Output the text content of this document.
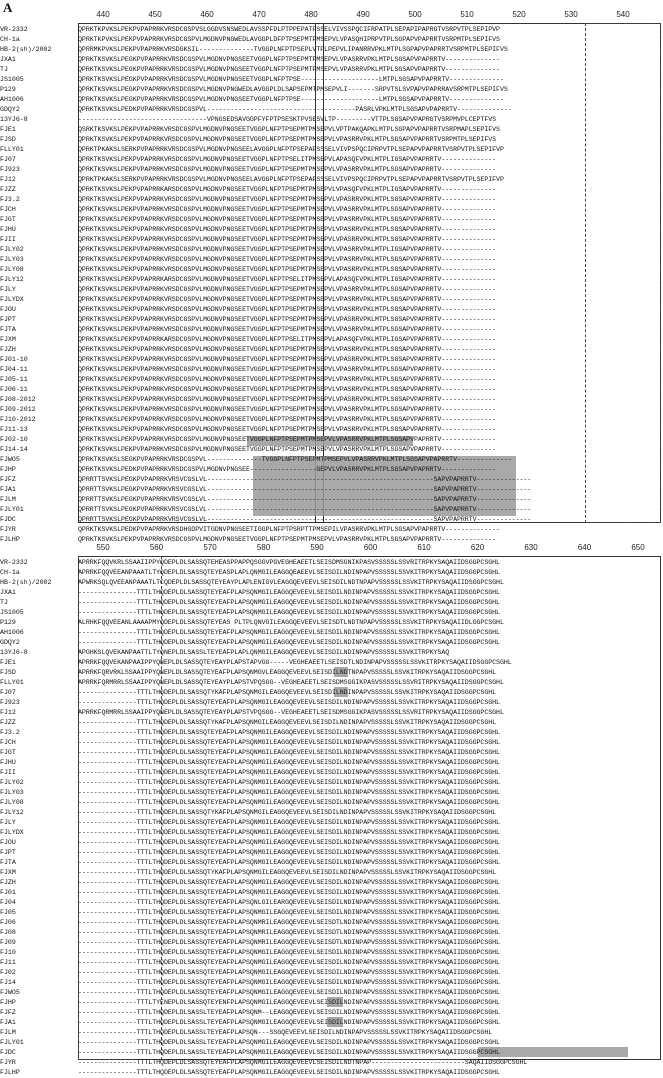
A	440	450	460	470	480	490	500	510	520	530	540
VR-2332	QPRKTKPVKSLPEKPVPAPRRKVRSDCGSPVSLGGDVSNSWEDLAVSSPFDLPTPPEPATPSSELVIVSSPQCIFRPATPLSEPAPIPAPRGTVSRPVTPLSEPIPVP
CH-1a	QPRKTKPVKSLPEKPVPAPRRKVRSDCGSPVLMGDNVPNGWEDLAVGGPLDFPTPSEPMTPMSEPVLVPASQHIPRPVTPLSGPAPVPAPRRTVSRPMTPLSEPIFVS
HB-2(sh)/2002	QPRRMKPVKSLPEKPVPAPRRKVRSDGKSIL--------------TVGGPLNFPTPSEPLVTPLPEPVLIPANRRVPKLMTPLSGPAPVPAPRRTVSRPMTPLSEPIFVS
JXA1	QPRKTKSVKSLPEGKPVPAPRRKVRSDCGSPVLMGDNVPNGSEETVGGPLNFPTPSEPMTPMSEPVLVPASRRVPKLMTPLSGSAPVPAPRRTV--------------
TJ	QPRKTKSVKSLPEGKPVPAPRRKVRSDCGSPVLMGDNVPNGSEETVGGPLNFPTPSEPMTPMSEPVLVPASRRVPKLMTPLSGSAPVPAPRRTV--------------
JS1005	QPRKTKSVKSLPEGKPVPAPRRKVRSDCGSPVLMGDNVPNGSEETVGGPLNFPTPSE--------------------LMTPLSGSAPVPAPRRTV--------------
P129	QPRKTKSVKSLPEGKPVPAPRRKVRSDCGSPVLMGDNVPNGWEDLAVGGPLDLSAPSEPMTPMSEPVLI-------SRPVTSLSVPAPVPAPRRAVSRPMTPLSEPIFVS
AH1006	QPRKTKSVKSLPEGKPVPAPRRKVRSDCGSPVLMGDNVPNGSEETVGGPLNFPTPSE--------------------LMTPLSGSAPVPAPRRTV--------------
GDQY2	QPRKTKSVKSLPEDKPVPAPRRKVRSDCGSPVL--------------------------------------PASRLVPKLMTPLSGSAPVPAPRRTV--------------
13YJ6-8	---------------------------------VPNGSEDSAVGGPFYFPTPSESKTPVSESVLTP---------VTTPLSGSAPVPAPRGTVSRPMVPLCEPTFVS
FJE1	QSRKTKSVKSLPEKPVPAPRRKVRSDCGSPVLMGDNVPNGSEETVGGPLNFPTPSEPMTPMSEPVLVPTPAKQAPKLMTPLSGPAPVPAPRRTVSRPMAPLSEPIFVS
FJSD	QPRKTKSVKSLPEKPVPAPRRKVRSDCGSPVLMGDNVPNGSEETVGGPLNFPTPSEPMTPMSEPVLVPASRRVPKLMTPLSGSAPVPAPRRTVSRPMTPLSEPIFVS
FLLY01	QPRKTPKAKSLSERKPVPAPRRKVRSDCGSPVLMGDNVPNGSEELAVGGPLNFPTPSEPAPSSSELVIVPSPQCIPRPVTPLSEPAPVPAPRRTVSRPVTPLSEPIFVP
FJ07	QPRKTKSVKSLPEKPVPAPRRKVRSDCGSPVLMGDNVPNGSEETVGGPLNFPTPSELITPMSEPVLAPASQFVPKLMTPLIGSAPVPAPRRTV--------------
FJ923	QPRKTKSVKSLPEKPVPAPRRKVRSDCGSPVLMGDNVPNGSEETVGGPLNFPTPSEPMTPMSEPVLVPASRRVPKLMTPLSGSAPVPAPRRTV--------------
FJ12	QPRKTPKAKSLSERKPVPAPRRKVRSDCGSPVLMGDNVPNGSEELAVGGPLNFPTPSEPAPSSSELVIVPSPQCIPRPVTPLSEPAPVPAPRRTVSRPVTPLSEPIFVP
FJZZ	QPRKTKSVKSLPEKPVPAPRRKARSDCGSPVLMGDNVPNGSEETVGGPLNFPTPSEPMTPMSEPVLVPASQFVPKLMTPLIGSAPVPAPRRTV--------------
FJ3.2	QPRKTKSVKSLPEKPVPAPRRKVRSDCGSPVLMGDNVPNGSEETVGGPLNFPTPSEPMTPMSEPVLVPASRRVPKLMTPLSGSAPVPAPRRTV--------------
FJCH	QPRKTKSVKSLPEKPVPAPRRKVRSDCGSPVLMGDNVPNGSEETVGGPLNFPTPSEPMTPMSEPVLVPASRRVPKLMTPLSGSAPVPAPRRTV--------------
FJGT	QPRKTKSVKSLPEKPVPAPRRKVRSDCGSPVLMGDNVPNGSEETVGGPLNFPTPSEPMTPMSEPVLVPASRRVPKLMTPLSGSAPVPAPRRTV--------------
FJHU	QPRKTKSVKSLPEKPVPAPRRKVRSDCGSPVLMGDNVPNGSEETVGGPLNFPTPSEPMTPMSEPVLVPASRRVPKLMTPLSGSAPVPAPRRTV--------------
FJII	QPRKTKSVKSLPEKPVPAPRRKVRSDCGSPVLMGDNVPNGSEETVGGPLNFPTPSEPMTPMSEPVLVPASRRVPKLMTPLSGSAPVPAPRRTV--------------
FJLY02	QPRKTKSVKSLPEKPVPAPRRKVRSDCGSPVLMGDNVPNGSEETVGGPLNFPTPSEPMTPMSEPVLVPASRRVPKLMTPLIGSAPVPAPRRTV--------------
FJLY03	QPRKTKSVKSLPEKPVPAPRRKVRSDCGSPVLMGDNVPNGSEETVGGPLNFPTPSEPMTPMSEPVLVPASRRVPKLMTPLSGSAPVPAPRRTV--------------
FJLY08	QPRKTKSVKSLPEKPVPAPRRKVRSDCGSPVLMGDNVPNGSEETVGGPLNFPTPSEPMTPMSEPVLVPASRRVPKLMTPLSGSAPVPAPRRTV--------------
FJLY12	QPRKTKSVKSLPEKPVPAPRRKARSDCGSPVLMGDNVPNGSEETVGGPLNFPTPSELITPMSEPVLAPASQFVPKLMTPLIGSAPVPAPRRTV--------------
FJLY	QPRKTKSVKSLPEKPVPAPRRKVRSDCGSPVLMGDNVPNGSEETVGGPLNFPTPSEPMTPMSEPVLVPASRRVPKLMTPLSGSAPVPAPRRTV--------------
FJLYDX	QPRKTKSVKSLPEKPVPAPRRKVRSDCGSPVLMGDNVPNGSEETVGGPLNFPTPSEPMTPMSEPVLVPASRRVPKLMTPLSGSAPVPAPRRTV--------------
FJOU	QPRKTKSVKSLPEKPVPAPRRKVRSDCGSPVLMGDNVPNGSEETVGGPLNFPTPSEPMTPMSEPVLVPASRRVPKLMTPLSGSAPVPAPRRTV--------------
FJPT	QPRKTKSVKSLPEKPVPAPRRKVRSDCGSPVLMGDNVPNGSEETVGGPLNFPTPSEPMTPMSEPVLVPASRRVPKLMTPLSGSAPVPAPRRTV--------------
FJTA	QPRKTKSVKSLPEKPVPAPRRKVRSDCGSPVLMGDNVPNGSEETVGGPLNFPTPSEPMTPMSEPVLVPASRRVPKLMTPLSGSAPVPAPRRTV--------------
FJXM	QPRKTKSVKSLPEKPVPAPRRKARSDCGSPVLMGDNVPNGSEETVGGPLNFPTPSELITPMSEPVLAPASQFVPKLMTPLIGSAPVPAPRRTV--------------
FJZH	QPRKTKSVKSLPEKPVPAPRRKVRSDCGSPVLMGDNVPNGSEETVGGPLNFPTPSEPMTPMSEPVLVPASRRVPKLMTPLSGSAPVPAPRRTV--------------
FJ01-10	QPRKTKSVKSLPEKPVPAPRRKVRSDCGSPVLMGDNVPNGSEETVGGPLNFPTPSEPMTPMSEPVLVPASRRVPKLMTPLSGSAPVPAPRRTV--------------
FJ04-11	QPRKTKSVKSLPEKPVPAPRRKVRSDCGSPVLMGDNVPNGSEETVGGPLNFPTPSEPMTPMSEPVLVPASRRVPKLMTPLSGSAPVPAPRRTV--------------
FJ05-11	QPRKTKSVKSLPEKPVPAPRRKVRSDCGSPVLMGDNVPNGSEETVGGPLNFPTPSEPMTPMSEPVLVPASRRVPKLMTPLSGSAPVPAPRRTV--------------
FJ06-11	QPRKTKSVKSLPEKPVPAPRRKVRSDCGSPVLMGDNVPNGSEETVGGPLNFPTPSEPMTPMSEPVLVPASRRVPKLMTPLSGSAPVPAPRRTV--------------
FJ08-2012	QPRKTKSVKSLPEKPVPAPRRKVRSDCGSPVLMGDNVPNGSEETVGGPLNFPTPSEPMTPMSEPVLVPASRRVPKLMTPLSGSAPVPAPRRTV--------------
FJ09-2012	QPRKTKSVKSLPEKPVPAPRRKVRSDCGSPVLMGDNVPNGSEETVGGPLNFPTPSEPMTPMSEPVLVPASRRVPKLMTPLSGSAPVPAPRRTV--------------
FJ10-2012	QPRKTKSVKSLPEKPVPAPRRKVRSDCGSPVLMGDNVPNGSEETVGGPLNFPTPSEPMTPMSEPVLVPASRRVPKLMTPLSGSAPVPAPRRTV--------------
FJ11-13	QPRKTKSVKSLPEKPVPAPRRKVRSDCGSPVLMGDNVPNGSEETVGGPLNFPTPSEPMTPMSEPVLVPASRRVPKLMTPLSGSAPVPAPRRTV--------------
FJ02-10	QPRKTKSVKSLPEKPVPAPRRKVRSDCGSPVLMGDNVPNGSEETVGGPLNFPTPSEPMTPMSEPVLVPASRRVPKLMTPLSGSAPVPAPRRTV--------------
FJ14-14	QPRKTKSVKSLPEKPVPAPRRKVRSDCGSPVLMGDNVPNGSEETVGGPLNFPTPSEPMTPMSEPVLVPASRRVPKLMTPLSGSAPVPAPRRTV--------------
FJWO5	QPRKTKSVKSLSEGKPVPAPRRKVRSDCGSPVL--------------TVGGPLNFPTPSEPMTPMSEPVLVPASRRVPKLMTPLSGSAPVPAPRRTV--------------
FJHP	QPRKTKSVKSLPEDKPVPAPRRKVRSDCGSPVLMGDNVPNGSEE-----------------GEPVLVPASRRVPKLMTPLSGSAPVPAPRRTV--------------
FJFZ	QPRRTTSVKSLPEGKPVPAPRRKVRSVCGSLVL----------------------------------------------------------SAPVPAPRRTV--------------
FJA1	QPRRTTSVKSLPEGKPVPAPRRKVRSVCGSLVL----------------------------------------------------------SAPVPAPRRTV--------------
FJLM	QPRRTTSVKSLPEGKPVPAPRRKVRSVCGSLVL----------------------------------------------------------SAPVPAPRRTV--------------
FJLY01	QPRRTTSVKSLPEGKPVPAPRRKVRSVCGSLVL----------------------------------------------------------SAPVPAPRRTV--------------
FJDC	QPRRTTSVKSLPEGKPVPAPRRKVRSVCGSLVL----------------------------------------------------------SAPVPAPRRTV--------------
FJYR	QPRKTKSVKSLPEDKPVPAPRRKVRSDHGDPVITGDNVPNGSEETIGGPLNFPTPSRPTTPMSEPILVPASRRVPKLMTPLSGSAPVPAPRRTV--------------
FJLHP	QPRKTKSVKSLPEKPVPAPRRKVRSDCGSPVLMGDNVPNGSEETVGGPLNFPTPSEPMTPMSEPVLVPASRRVPKLMTPLSGSAPVPAPRRTV--------------
550	560	570	580	590	600	610	620	630	640	650
VR-2332	APRRKFQQVKRLSSAAIIPPYQDEPLDLSASSQTEHEASPPAPPQSGGVPGVEGHEAEETLSEISDMSGNIKPASVSSSSSLSSVRITRPKYSAQAIIDSGGPCSGHL
CH-1a	APRRKFQQVEEANPAAATLTYQDEPLDLSASSQTEYEASPLAPLQNMGILEAGGQEAEEVLSEISDILNDINPAPVSSSSSLSSVKITRPKYSAQAIIDSGGPCSGHL
HB-2(sh)/2002	APWRKSQLQVEEANPAAATLTCQDEPLDLSASSQTEYEAYPLAPLENIGVLEAGGQEVEEVLSEISDILNDTNPAPVSSSSSLSSVKITRPKYSAQAIIDSGGPCSGHL
JXA1	---------------TTTLTHQDEPLDLSASSQTEYEAFPLAPSQNMGILEAGGQEVEEVLSEISDILNDINPAPVSSSSSLSSVKITRPKYSAQAIIDSGGPCSGHL
TJ	---------------TTTLTHQDEPLDLSASSQTEYEAFPLAPSQNMGILEAGGQEVEEVLSEISDILNDINPAPVSSSSSLSSVKITRPKYSAQAIIDSGGPCSGHL
JS1005	---------------TTTLTHQDEPLDLSASSQTEYEAFPLAPSQNMGILEAGGQEVEEVLSEISDILNDINPAPVSSSSSLSSVKITRPKYSAQAIIDSGGPCSGHL
P129	ALRHKFQQVEEANLAAAAPMYQDEPLDLSASSQTEYEAS PLTPLQNVGILEAGGQEVEEVLSEISDTLNDTNPAPVSSSSSLSSVKITRPKYSAQAIIDLGGPCSGHL
AH1006	---------------TTTLTHQDEPLDLSASSQTEYEAFPLAPSQNMGILEAGGQEVEEVLSEISDILNDINPAPVSSSSSLSSVKITRPKYSAQAIIDSGGPCSGHL
GDQY2	---------------TTTLTHQDEPLDLSASSQTEYEAFPLAPSQNMGILEAGGQEVEEVLSEISDILNDINPAPVSSSSSLSSVKITRPKYSAQAIIDSGGPCSGHL
13YJ6-8	APGHKSLQVEKANPAATTLTYQNEPLDLSASSLTEYEAFPLAPLQNMGILEAGGQEVEEVLSEISDILNDINPAPVSSSSSLSSVKITRPKYSAQ
FJE1	APRRKFQQVEKANPAAIPPYQNEPLDLSASSQTEYEAYPLAPSTAPVGG-----VEGHEAEETLSEISDTLNDINPAPVSSSSSLSSVKITRPKYSAQAIIDSGGPCSGHL
FJSD	APRRKFQRVRKLSSAAIPPYQNEPLDLSASSQTEYEAFPLAPSQNMGVLEAGGQEVEEVLSEISDILNDTNPAPVSSSSSLSSVKITRPKYSAQAIIDSGGPCSGHL
FLLY01	APRRKFQRMRRLSSAAIPPYQNEPLDLSASSQTEYEAYPLAPSTVPQSGG--VEGHEAEETLSEISDMSGGIKPASVSSSSSLSSVRITRPKYSAQAIIDSGGPCSGHL
FJ07	---------------TTTLTHQDEPLDLSASSQTYKAFPLAPSQNMGILEAGGQEVEEVLSEISDILNDINPAPVSSSSSLSSVKITRPKYSAQAIIDSGGPCSGHL
FJ923	---------------TTTLTHQDEPLDLSASSQTEYEAFPLAPSQNMGILEAGGQEVEEVLSEISDILNDINPAPVSSSSSLSSVKITRPKYSAQAIIDSGGPCSGHL
FJ12	APRRKFQRMRRLSSAAIPPYQNEPLDLSASSQTEYEAYPLAPSTVPQSGG--VEGHEAEETLSEISDMSGGIKPASVSSSSSLSSVRITRPKYSAQAIIDSGGPCSGHL
FJZZ	---------------TTTLTHQDEPLDLSASSQTYKAFPLAPSQNMGILEAGGQEVEEVLSEISDILNDINPAPVSSSSSLSSVKITRPKYSAQAIIDSGGPCSGHL
FJ3.2	---------------TTTLTHQDEPLDLSASSQTEYEAFPLAPSQNMGILEAGGQEVEEVLSEISDILNDINPAPVSSSSSLSSVKITRPKYSAQAIIDSGGPCSGHL
FJCH	---------------TTTLTHQDEPLDLSASSQTEYEAFPLAPSQNMGILEAGGQEVEEVLSEISDILNDINPAPVSSSSSLSSVKITRPKYSAQAIIDSGGPCSGHL
FJGT	---------------TTTLTHQDEPLDLSASSQTEYEAFPLAPSQNMGILEAGGQEVEEVLSEISDILNDINPAPVSSSSSLSSVKITRPKYSAQAIIDSGGPCSGHL
FJHU	---------------TTTLTHQDEPLDLSASSQTEYEAFPLAPSQNMGILEAGGQEVEEVLSEISDILNDINPAPVSSSSSLSSVKITRPKYSAQAIIDSGGPCSGHL
FJII	---------------TTTLTHQDEPLDLSASSQTEYEAFPLAPSQNMGILEAGGQEVEEVLSEISDILNDINPAPVSSSSSLSSVKITRPKYSAQAIIDSGGPCSGHL
FJLY02	---------------TTTLTHQDEPLDLSASSQTEYEAFPLAPSQNMGILEAGGQEVEEVLSEISDILNDINPAPVSSSSSLSSVKITRPKYSAQAIIDSGGPCSGHL
FJLY03	---------------TTTLTHQDEPLDLSASSQTEYEAFPLAPSQNMGILEAGGQEVEEVLSEISDILNDINPAPVSSSSSLSSVKITRPKYSAQAIIDSGGPCSGHL
FJLY08	---------------TTTLTHQDEPLDLSASSQTEYEAFPLAPSQNMGILEAGGQEVEEVLSEISDILNDINPAPVSSSSSLSSVKITRPKYSAQAIIDSGGPCSGHL
FJLY12	---------------TTTLTHQDEPLDLSASSQTYKAFPLAPSQNMGILEAGGQEVEEVLSEISDILNDINPAPVSSSSSLSSVKITRPKYSAQAIIDSGGPCSGHL
FJLY	---------------TTTLTHQDEPLDLSASSQTEYEAFPLAPSQNMGILEAGGQEVEEVLSEISDILNDINPAPVSSSSSLSSVKITRPKYSAQAIIDSGGPCSGHL
FJLYDX	---------------TTTLTHQDEPLDLSASSQTEYEAFPLAPSQNMGILEAGGQEVEEVLSEISDILNDINPAPVSSSSSLSSVKITRPKYSAQAIIDSGGPCSGHL
FJOU	---------------TTTLTHQDEPLDLSASSQTEYEAFPLAPSQNMGILEAGGQEVEEVLSEISDILNDINPAPVSSSSSLSSVKITRPKYSAQAIIDSGGPCSGHL
FJPT	---------------TTTLTHQDEPLDLSASSQTEYEAFPLAPSQNMGILEAGGQEVEEVLSEISDILNDINPAPVSSSSSLSSVKITRPKYSAQAIIDSGGPCSGHL
FJTA	---------------TTTLTHQDEPLDLSASSQTEYEAFPLAPSQNMGILEAGGQEVEEVLSEISDILNDINPAPVSSSSSLSSVKITRPKYSAQAIIDSGGPCSGHL
FJXM	---------------TTTLTHQDEPLDLSASSQTYKAFPLAPSQNMGILEAGGQEVEEVLSEISDILNDINPAPVSSSSSLSSVKITRPKYSAQAIIDSGGPCSGHL
FJZH	---------------TTTLTHQDEPLDLSASSQTEYEAFPLAPSQNMGILEAGGQEVEEVLSEISDILNDINPAPVSSSSSLSSVKITRPKYSAQAIIDSGGPCSGHL
FJ01	---------------TTTLTHQDEPLDLSASSQTEYEAFPLAPSQNMGILEAGGQEVEEVLSEISDILNDINPAPVSSSSSLSSVKITRPKYSAQAIIDSGGPCSGHL
FJ04	---------------TTTLTHQDEPLDLSASSQTEYEAFPLAPSQNLGILEARGQEVEEVLSEISDILNDINPAPVSSSSSLSSVKITRPKYSAQAIIDSGGPCSGHL
FJ05	---------------TTTLTHQDEPLDLSASSQTEYEAFPLAPSQNMGILEAGGQEVEEVLSEISDILNDINPAPVSSSSSLSSVKITRPKYSAQAIIDSGGPCSGHL
FJ06	---------------TTTLTHQDEPLDLSASSQTEYEAFPLAPSQNMRILEAGGQEVEEVLSEISDTLNDINPAPVSSSSSLSSVKITRPKYSAQAIIDSGGPCSGHL
FJ08	---------------TTTLTHQDEPLDLSASSQTEYEAFPLAPSQNMRILEAGGQEVEEVLSEISDTLNDINPAPVSSSSSLSSVKITRPKYSAQAIIDSGGPCSGHL
FJ09	---------------TTTLTHQDEPLDLSASSQTEYEAFPLAPSQNMRILEAGGQEVEEVLSEISDTLNDINPAPVSSSSSLSSVKITRPKYSAQAIIDSGGPCSGHL
FJ10	---------------TTTLTHQDEPLDLSASSQTEYEAFPLAPSQNMGILEAGGQEVEEVLSEISDILNDINPAPVSSSSSLSSVKITRPKYSAQAIIDSGGPCSGHL
FJ11	---------------TTTLTHQDEPLDLSASSQTEYEAFPLAPSQNMGILEAGGQEVEEVLSEISDILNDINPAPVSSSSSLSSVKITRPKYSAQAIIDSGGPCSGHL
FJ02	---------------TTTLTHQDEPLDLSASSQTEYEAFPLAPSQNMGILEAGGQEVEEVLSEISDILNDINPAPVSSSSSLSSVKITRPKYSAQAIIDSGGPCSGHL
FJ14	---------------TTTLTHQDEPLDLSASSQTEYEAFPLAPSQNMGILEAGGQEVEEVLSEISDILNDINPAPVSSSSSLSSVKITRPKYSAQAIIDSGGPCSGHL
FJWO5	---------------TTTLTHQDEPLDLSASSQTEYEAFPLAPSQNMGILEAGGQEVEEVLSEISDILNDINPAPVSSSSSLSSVKITRPKYSAQAIIDSGGPCSGHL
FJHP	---------------TTTLTYENEPLDLSASSQTEYENFPLAPSQNMGILEAGGQEVEEVLSEISDILNDINPAPVSSSSSLSSVKITRPKYSAQAIIDSGGPCSGHL
FJFZ	---------------TTTLTHQDEPLDLSASSLTEYEAFPLAPSQNM--LEAGGQEVEEVLSEISDILNDINPAPVSSSSSLSSVKITRPKYSAQAIIDSGGPCSGHL
FJA1	---------------TTTLTHQDEPLDLSASSLTEYEAFPLAPSQNMGILEAGGQEVEEVLSEISDILNDINPAPVSSSSSLSSVKITRPKYSAQAIIDSGGPCSGHL
FJLM	---------------TTTLTHQDEPLDLSASSLTEYEAFPLAPSQN---SSGQEVEEVLSEISDILNDINPAPVSSSSSLSSVKITRPKYSAQAIIDSGGPCSGHL
FJLY01	---------------TTTLTHQDEPLDLSASSLTEYEAFPLAPSQNMGILEAGGQEVEEVLSEISDILNDINPAPVSSSSSLSSVKITRPKYSAQAIIDSGGPCSGHL
FJDC	---------------TTTLTHQDEPLDLSASSLTEYEAFPLAPSQNMGILEAGGQEVEEVLSEISDILNDINPAPVSSSSSLSSVKITRPKYSAQAIIDSGGPCSGHL
FJYR	---------------TTTLTHQDEPLDLSASSQTEYEAFPLAPSQNMGILEAGGQEVEEVLSEISDILNDTNPAP------------------------SAQAIIDSGGPCSGHL
FJLHP	---------------TTTLTHQDEPLDLSASSQTEYEAFPLAPSQNMGILEAGGQEVEEVLSEISDILNDINPAPVSSSSSLSSVKITRPKYSAQAIIDSGGPCSGHL
